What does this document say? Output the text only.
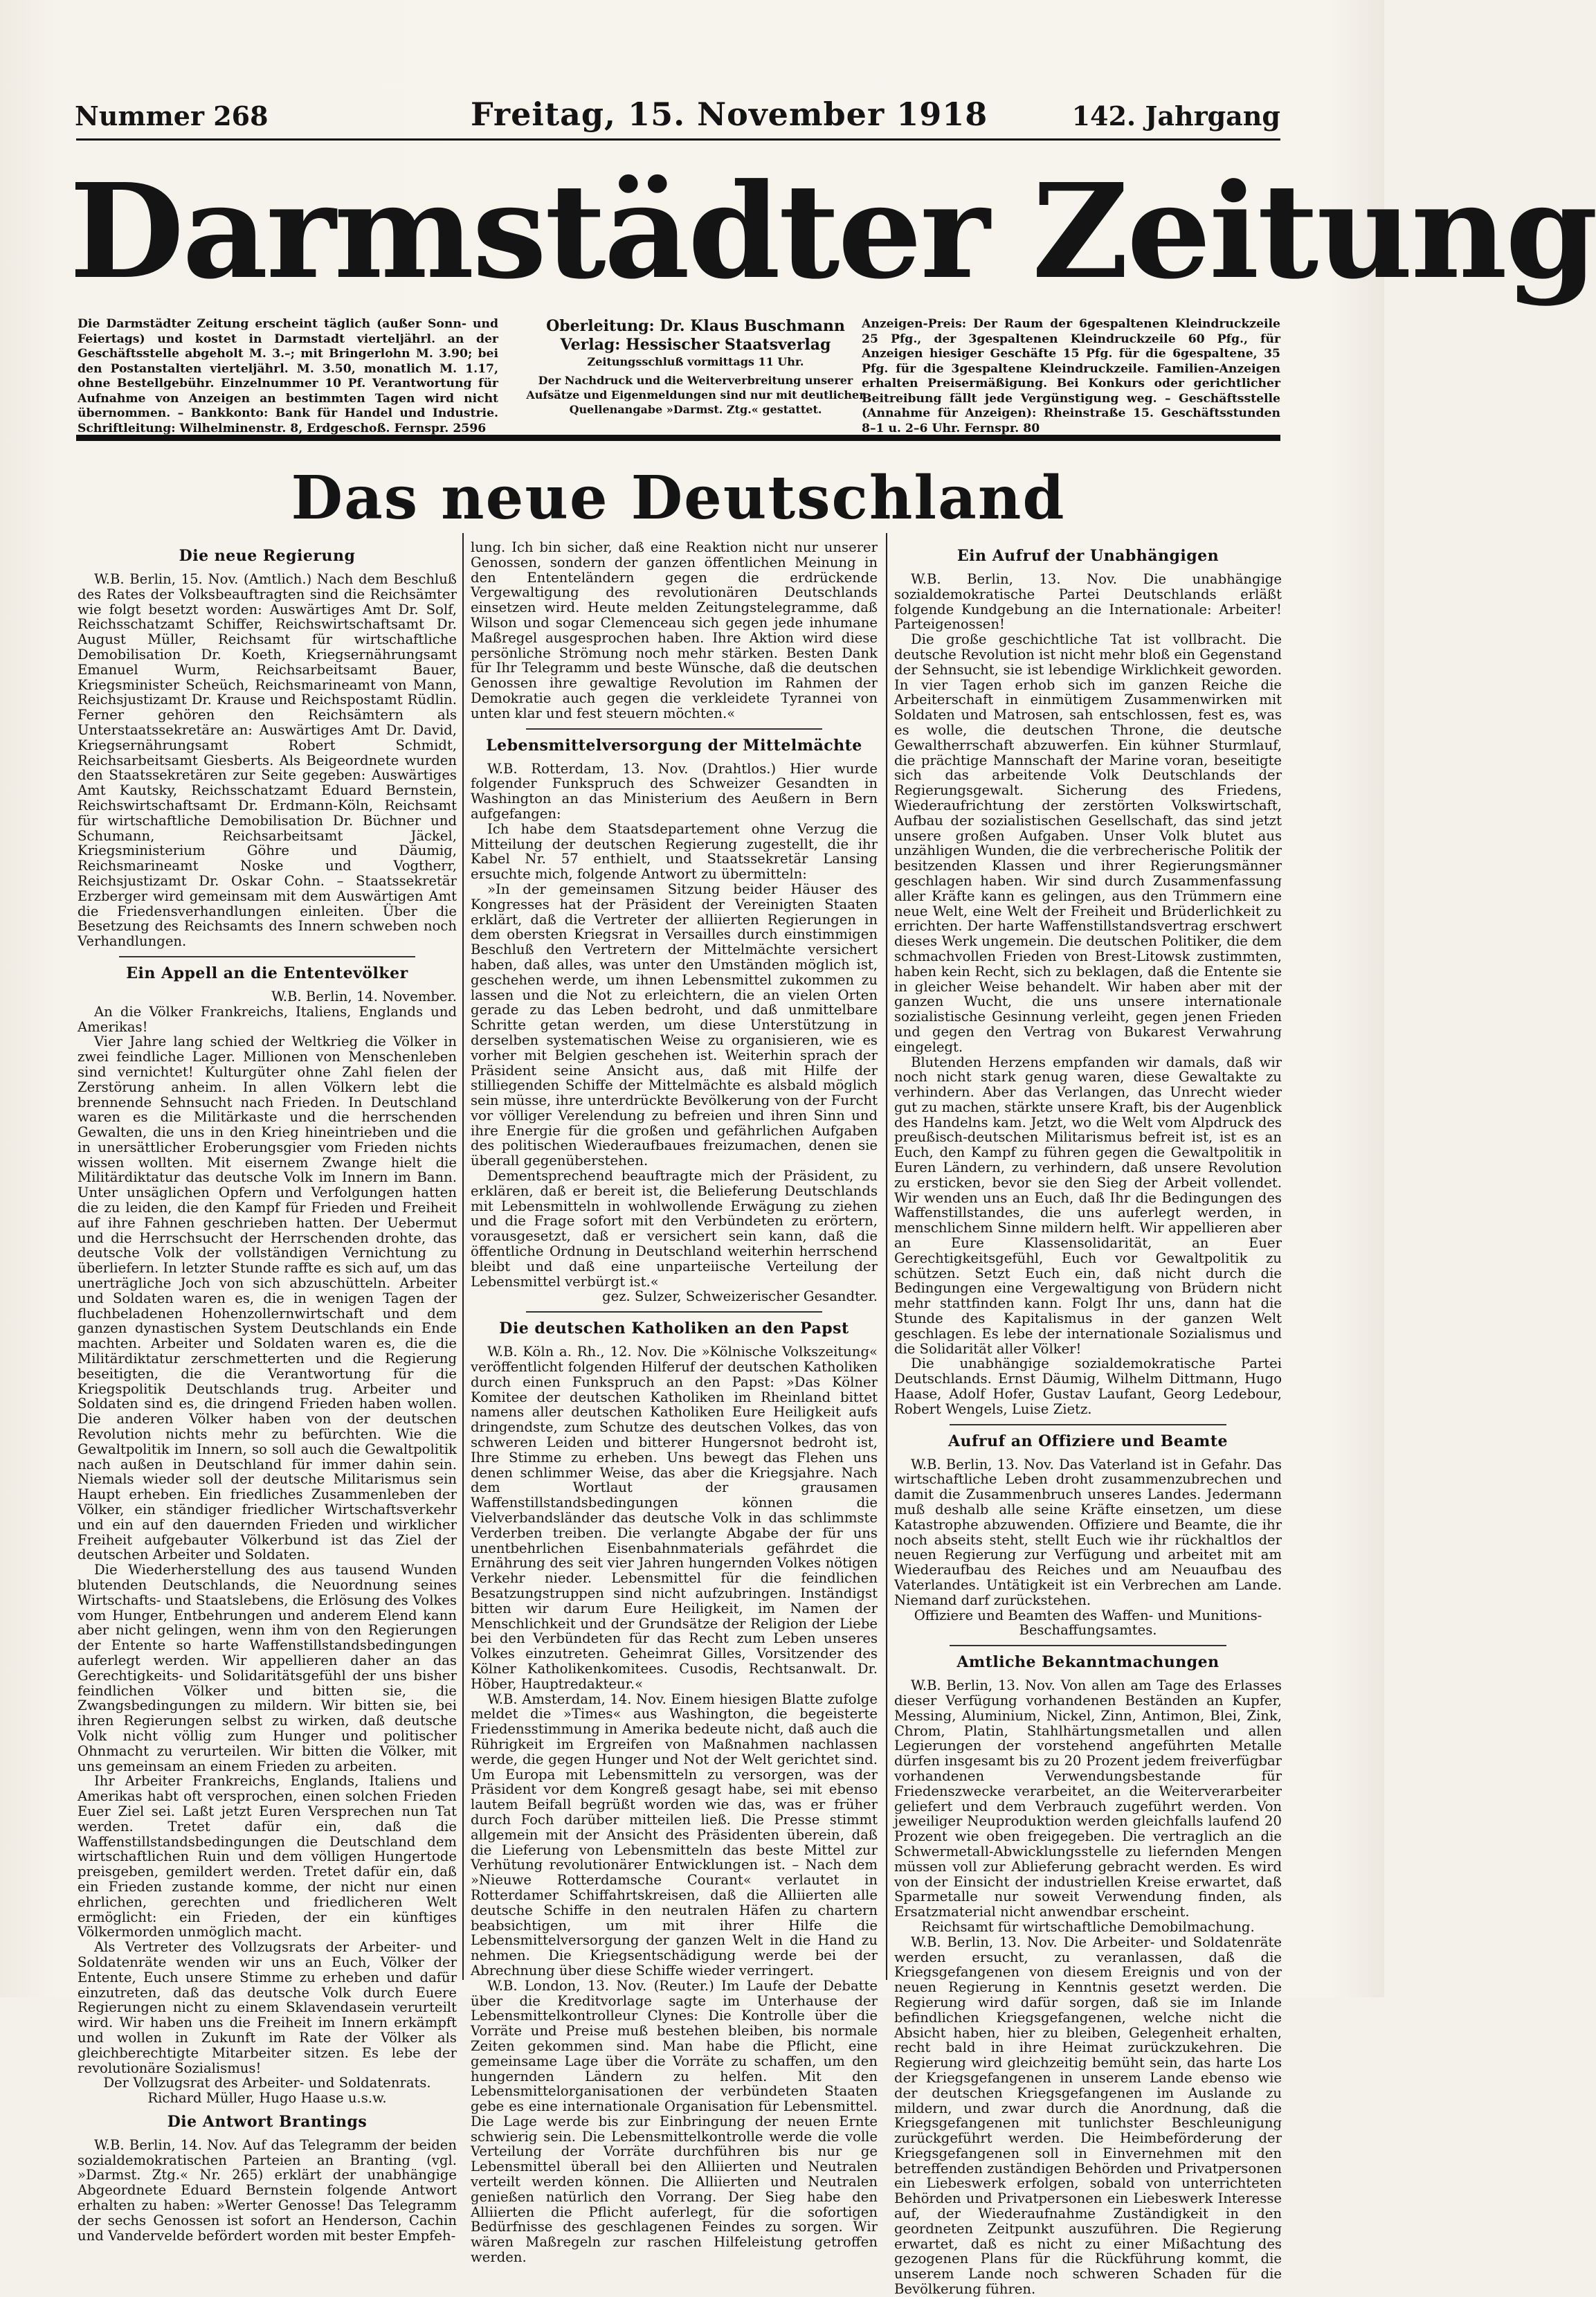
Nummer 268	Freitag, 15. November 1918	142. Jahrgang
Darmstädter Zeitung

Die Darmstädter Zeitung erscheint täglich (außer Sonn- und Feiertags) und kostet in Darmstadt vierteljährl. an der Geschäftsstelle abgeholt M. 3.–; mit Bringerlohn M. 3.90; bei den Postanstalten vierteljährl. M. 3.50, monatlich M. 1.17, ohne Bestellgebühr. Einzelnummer 10 Pf. Verantwortung für Aufnahme von Anzeigen an bestimmten Tagen wird nicht übernommen. – Bankkonto: Bank für Handel und Industrie. Schriftleitung: Wilhelminenstr. 8, Erdgeschoß. Fernspr. 2596

Oberleitung: Dr. Klaus Buschmann

Verlag: Hessischer Staatsverlag

Zeitungsschluß vormittags 11 Uhr.

Der Nachdruck und die Weiterverbreitung unserer Aufsätze und Eigenmeldungen sind nur mit deutlicher Quellenangabe »Darmst. Ztg.« gestattet.

Anzeigen-Preis: Der Raum der 6gespaltenen Kleindruckzeile 25 Pfg., der 3gespaltenen Kleindruckzeile 60 Pfg., für Anzeigen hiesiger Geschäfte 15 Pfg. für die 6gespaltene, 35 Pfg. für die 3gespaltene Kleindruckzeile. Familien-Anzeigen erhalten Preisermäßigung. Bei Konkurs oder gerichtlicher Beitreibung fällt jede Vergünstigung weg. – Geschäftsstelle (Annahme für Anzeigen): Rheinstraße 15. Geschäftsstunden 8–1 u. 2–6 Uhr. Fernspr. 80

Das neue Deutschland
Die neue Regierung

W.B. Berlin, 15. Nov. (Amtlich.) Nach dem Beschluß des Rates der Volksbeauftragten sind die Reichsämter wie folgt besetzt worden: Auswärtiges Amt Dr. Solf, Reichsschatzamt Schiffer, Reichswirtschaftsamt Dr. August Müller, Reichsamt für wirtschaftliche Demobilisation Dr. Koeth, Kriegsernährungsamt Emanuel Wurm, Reichsarbeitsamt Bauer, Kriegsminister Scheüch, Reichsmarineamt von Mann, Reichsjustizamt Dr. Krause und Reichspostamt Rüdlin. Ferner gehören den Reichsämtern als Unterstaatssekretäre an: Auswärtiges Amt Dr. David, Kriegsernährungsamt Robert Schmidt, Reichsarbeitsamt Giesberts. Als Beigeordnete wurden den Staatssekretären zur Seite gegeben: Auswärtiges Amt Kautsky, Reichsschatzamt Eduard Bernstein, Reichswirtschaftsamt Dr. Erdmann-Köln, Reichsamt für wirtschaftliche Demobilisation Dr. Büchner und Schumann, Reichsarbeitsamt Jäckel, Kriegsministerium Göhre und Däumig, Reichsmarineamt Noske und Vogtherr, Reichsjustizamt Dr. Oskar Cohn. – Staatssekretär Erzberger wird gemeinsam mit dem Auswärtigen Amt die Friedensverhandlungen einleiten. Über die Besetzung des Reichsamts des Innern schweben noch Verhandlungen.

Ein Appell an die Ententevölker

W.B. Berlin, 14. November.

An die Völker Frankreichs, Italiens, Englands und Amerikas!

Vier Jahre lang schied der Weltkrieg die Völker in zwei feindliche Lager. Millionen von Menschenleben sind vernichtet! Kulturgüter ohne Zahl fielen der Zerstörung anheim. In allen Völkern lebt die brennende Sehnsucht nach Frieden. In Deutschland waren es die Militärkaste und die herrschenden Gewalten, die uns in den Krieg hineintrieben und die in unersättlicher Eroberungsgier vom Frieden nichts wissen wollten. Mit eisernem Zwange hielt die Militärdiktatur das deutsche Volk im Innern im Bann. Unter unsäglichen Opfern und Verfolgungen hatten die zu leiden, die den Kampf für Frieden und Freiheit auf ihre Fahnen geschrieben hatten. Der Uebermut und die Herrschsucht der Herrschenden drohte, das deutsche Volk der vollständigen Vernichtung zu überliefern. In letzter Stunde raffte es sich auf, um das unerträgliche Joch von sich abzuschütteln. Arbeiter und Soldaten waren es, die in wenigen Tagen der fluchbeladenen Hohenzollernwirtschaft und dem ganzen dynastischen System Deutschlands ein Ende machten. Arbeiter und Soldaten waren es, die die Militärdiktatur zerschmetterten und die Regierung beseitigten, die die Verantwortung für die Kriegspolitik Deutschlands trug. Arbeiter und Soldaten sind es, die dringend Frieden haben wollen. Die anderen Völker haben von der deutschen Revolution nichts mehr zu befürchten. Wie die Gewaltpolitik im Innern, so soll auch die Gewaltpolitik nach außen in Deutschland für immer dahin sein. Niemals wieder soll der deutsche Militarismus sein Haupt erheben. Ein friedliches Zusammenleben der Völker, ein ständiger friedlicher Wirtschaftsverkehr und ein auf den dauernden Frieden und wirklicher Freiheit aufgebauter Völkerbund ist das Ziel der deutschen Arbeiter und Soldaten.

Die Wiederherstellung des aus tausend Wunden blutenden Deutschlands, die Neuordnung seines Wirtschafts- und Staatslebens, die Erlösung des Volkes vom Hunger, Entbehrungen und anderem Elend kann aber nicht gelingen, wenn ihm von den Regierungen der Entente so harte Waffenstillstandsbedingungen auferlegt werden. Wir appellieren daher an das Gerechtigkeits- und Solidaritätsgefühl der uns bisher feindlichen Völker und bitten sie, die Zwangsbedingungen zu mildern. Wir bitten sie, bei ihren Regierungen selbst zu wirken, daß deutsche Volk nicht völlig zum Hunger und politischer Ohnmacht zu verurteilen. Wir bitten die Völker, mit uns gemeinsam an einem Frieden zu arbeiten.

Ihr Arbeiter Frankreichs, Englands, Italiens und Amerikas habt oft versprochen, einen solchen Frieden Euer Ziel sei. Laßt jetzt Euren Versprechen nun Tat werden. Tretet dafür ein, daß die Waffenstillstandsbedingungen die Deutschland dem wirtschaftlichen Ruin und dem völligen Hungertode preisgeben, gemildert werden. Tretet dafür ein, daß ein Frieden zustande komme, der nicht nur einen ehrlichen, gerechten und friedlicheren Welt ermöglicht: ein Frieden, der ein künftiges Völkermorden unmöglich macht.

Als Vertreter des Vollzugsrats der Arbeiter- und Soldatenräte wenden wir uns an Euch, Völker der Entente, Euch unsere Stimme zu erheben und dafür einzutreten, daß das deutsche Volk durch Euere Regierungen nicht zu einem Sklavendasein verurteilt wird. Wir haben uns die Freiheit im Innern erkämpft und wollen in Zukunft im Rate der Völker als gleichberechtigte Mitarbeiter sitzen. Es lebe der revolutionäre Sozialismus!

Der Vollzugsrat des Arbeiter- und Soldatenrats. Richard Müller, Hugo Haase u.s.w.

Die Antwort Brantings

W.B. Berlin, 14. Nov. Auf das Telegramm der beiden sozialdemokratischen Parteien an Branting (vgl. »Darmst. Ztg.« Nr. 265) erklärt der unabhängige Abgeordnete Eduard Bernstein folgende Antwort erhalten zu haben: »Werter Genosse! Das Telegramm der sechs Genossen ist sofort an Henderson, Cachin und Vandervelde befördert worden mit bester Empfeh-

lung. Ich bin sicher, daß eine Reaktion nicht nur unserer Genossen, sondern der ganzen öffentlichen Meinung in den Ententeländern gegen die erdrückende Vergewaltigung des revolutionären Deutschlands einsetzen wird. Heute melden Zeitungstelegramme, daß Wilson und sogar Clemenceau sich gegen jede inhumane Maßregel ausgesprochen haben. Ihre Aktion wird diese persönliche Strömung noch mehr stärken. Besten Dank für Ihr Telegramm und beste Wünsche, daß die deutschen Genossen ihre gewaltige Revolution im Rahmen der Demokratie auch gegen die verkleidete Tyrannei von unten klar und fest steuern möchten.«

Lebensmittelversorgung der Mittelmächte

W.B. Rotterdam, 13. Nov. (Drahtlos.) Hier wurde folgender Funkspruch des Schweizer Gesandten in Washington an das Ministerium des Aeußern in Bern aufgefangen:

Ich habe dem Staatsdepartement ohne Verzug die Mitteilung der deutschen Regierung zugestellt, die ihr Kabel Nr. 57 enthielt, und Staatssekretär Lansing ersuchte mich, folgende Antwort zu übermitteln:

»In der gemeinsamen Sitzung beider Häuser des Kongresses hat der Präsident der Vereinigten Staaten erklärt, daß die Vertreter der alliierten Regierungen in dem obersten Kriegsrat in Versailles durch einstimmigen Beschluß den Vertretern der Mittelmächte versichert haben, daß alles, was unter den Umständen möglich ist, geschehen werde, um ihnen Lebensmittel zukommen zu lassen und die Not zu erleichtern, die an vielen Orten gerade zu das Leben bedroht, und daß unmittelbare Schritte getan werden, um diese Unterstützung in derselben systematischen Weise zu organisieren, wie es vorher mit Belgien geschehen ist. Weiterhin sprach der Präsident seine Ansicht aus, daß mit Hilfe der stilliegenden Schiffe der Mittelmächte es alsbald möglich sein müsse, ihre unterdrückte Bevölkerung von der Furcht vor völliger Verelendung zu befreien und ihren Sinn und ihre Energie für die großen und gefährlichen Aufgaben des politischen Wiederaufbaues freizumachen, denen sie überall gegenüberstehen.

Dementsprechend beauftragte mich der Präsident, zu erklären, daß er bereit ist, die Belieferung Deutschlands mit Lebensmitteln in wohlwollende Erwägung zu ziehen und die Frage sofort mit den Verbündeten zu erörtern, vorausgesetzt, daß er versichert sein kann, daß die öffentliche Ordnung in Deutschland weiterhin herrschend bleibt und daß eine unparteiische Verteilung der Lebensmittel verbürgt ist.«

gez. Sulzer, Schweizerischer Gesandter.

Die deutschen Katholiken an den Papst

W.B. Köln a. Rh., 12. Nov. Die »Kölnische Volkszeitung« veröffentlicht folgenden Hilferuf der deutschen Katholiken durch einen Funkspruch an den Papst: »Das Kölner Komitee der deutschen Katholiken im Rheinland bittet namens aller deutschen Katholiken Eure Heiligkeit aufs dringendste, zum Schutze des deutschen Volkes, das von schweren Leiden und bitterer Hungersnot bedroht ist, Ihre Stimme zu erheben. Uns bewegt das Flehen uns denen schlimmer Weise, das aber die Kriegsjahre. Nach dem Wortlaut der grausamen Waffenstillstandsbedingungen können die Vielverbandsländer das deutsche Volk in das schlimmste Verderben treiben. Die verlangte Abgabe der für uns unentbehrlichen Eisenbahnmaterials gefährdet die Ernährung des seit vier Jahren hungernden Volkes nötigen Verkehr nieder. Lebensmittel für die feindlichen Besatzungstruppen sind nicht aufzubringen. Inständigst bitten wir darum Eure Heiligkeit, im Namen der Menschlichkeit und der Grundsätze der Religion der Liebe bei den Verbündeten für das Recht zum Leben unseres Volkes einzutreten. Geheimrat Gilles, Vorsitzender des Kölner Katholikenkomitees. Cusodis, Rechtsanwalt. Dr. Höber, Hauptredakteur.«

W.B. Amsterdam, 14. Nov. Einem hiesigen Blatte zufolge meldet die »Times« aus Washington, die begeisterte Friedensstimmung in Amerika bedeute nicht, daß auch die Rührigkeit im Ergreifen von Maßnahmen nachlassen werde, die gegen Hunger und Not der Welt gerichtet sind. Um Europa mit Lebensmitteln zu versorgen, was der Präsident vor dem Kongreß gesagt habe, sei mit ebenso lautem Beifall begrüßt worden wie das, was er früher durch Foch darüber mitteilen ließ. Die Presse stimmt allgemein mit der Ansicht des Präsidenten überein, daß die Lieferung von Lebensmitteln das beste Mittel zur Verhütung revolutionärer Entwicklungen ist. – Nach dem »Nieuwe Rotterdamsche Courant« verlautet in Rotterdamer Schiffahrtskreisen, daß die Alliierten alle deutsche Schiffe in den neutralen Häfen zu chartern beabsichtigen, um mit ihrer Hilfe die Lebensmittelversorgung der ganzen Welt in die Hand zu nehmen. Die Kriegsentschädigung werde bei der Abrechnung über diese Schiffe wieder verringert.

W.B. London, 13. Nov. (Reuter.) Im Laufe der Debatte über die Kreditvorlage sagte im Unterhause der Lebensmittelkontrolleur Clynes: Die Kontrolle über die Vorräte und Preise muß bestehen bleiben, bis normale Zeiten gekommen sind. Man habe die Pflicht, eine gemeinsame Lage über die Vorräte zu schaffen, um den hungernden Ländern zu helfen. Mit den Lebensmittelorganisationen der verbündeten Staaten gebe es eine internationale Organisation für Lebensmittel. Die Lage werde bis zur Einbringung der neuen Ernte schwierig sein. Die Lebensmittelkontrolle werde die volle Verteilung der Vorräte durchführen bis nur ge Lebensmittel überall bei den Alliierten und Neutralen verteilt werden können. Die Alliierten und Neutralen genießen natürlich den Vorrang. Der Sieg habe den Alliierten die Pflicht auferlegt, für die sofortigen Bedürfnisse des geschlagenen Feindes zu sorgen. Wir wären Maßregeln zur raschen Hilfeleistung getroffen werden.

Ein Aufruf der Unabhängigen

W.B. Berlin, 13. Nov. Die unabhängige sozialdemokratische Partei Deutschlands erläßt folgende Kundgebung an die Internationale: Arbeiter! Parteigenossen!

Die große geschichtliche Tat ist vollbracht. Die deutsche Revolution ist nicht mehr bloß ein Gegenstand der Sehnsucht, sie ist lebendige Wirklichkeit geworden. In vier Tagen erhob sich im ganzen Reiche die Arbeiterschaft in einmütigem Zusammenwirken mit Soldaten und Matrosen, sah entschlossen, fest es, was es wolle, die deutschen Throne, die deutsche Gewaltherrschaft abzuwerfen. Ein kühner Sturmlauf, die prächtige Mannschaft der Marine voran, beseitigte sich das arbeitende Volk Deutschlands der Regierungsgewalt. Sicherung des Friedens, Wiederaufrichtung der zerstörten Volkswirtschaft, Aufbau der sozialistischen Gesellschaft, das sind jetzt unsere großen Aufgaben. Unser Volk blutet aus unzähligen Wunden, die die verbrecherische Politik der besitzenden Klassen und ihrer Regierungsmänner geschlagen haben. Wir sind durch Zusammenfassung aller Kräfte kann es gelingen, aus den Trümmern eine neue Welt, eine Welt der Freiheit und Brüderlichkeit zu errichten. Der harte Waffenstillstandsvertrag erschwert dieses Werk ungemein. Die deutschen Politiker, die dem schmachvollen Frieden von Brest-Litowsk zustimmten, haben kein Recht, sich zu beklagen, daß die Entente sie in gleicher Weise behandelt. Wir haben aber mit der ganzen Wucht, die uns unsere internationale sozialistische Gesinnung verleiht, gegen jenen Frieden und gegen den Vertrag von Bukarest Verwahrung eingelegt.

Blutenden Herzens empfanden wir damals, daß wir noch nicht stark genug waren, diese Gewaltakte zu verhindern. Aber das Verlangen, das Unrecht wieder gut zu machen, stärkte unsere Kraft, bis der Augenblick des Handelns kam. Jetzt, wo die Welt vom Alpdruck des preußisch-deutschen Militarismus befreit ist, ist es an Euch, den Kampf zu führen gegen die Gewaltpolitik in Euren Ländern, zu verhindern, daß unsere Revolution zu ersticken, bevor sie den Sieg der Arbeit vollendet. Wir wenden uns an Euch, daß Ihr die Bedingungen des Waffenstillstandes, die uns auferlegt werden, in menschlichem Sinne mildern helft. Wir appellieren aber an Eure Klassensolidarität, an Euer Gerechtigkeitsgefühl, Euch vor Gewaltpolitik zu schützen. Setzt Euch ein, daß nicht durch die Bedingungen eine Vergewaltigung von Brüdern nicht mehr stattfinden kann. Folgt Ihr uns, dann hat die Stunde des Kapitalismus in der ganzen Welt geschlagen. Es lebe der internationale Sozialismus und die Solidarität aller Völker!

Die unabhängige sozialdemokratische Partei Deutschlands. Ernst Däumig, Wilhelm Dittmann, Hugo Haase, Adolf Hofer, Gustav Laufant, Georg Ledebour, Robert Wengels, Luise Zietz.

Aufruf an Offiziere und Beamte

W.B. Berlin, 13. Nov. Das Vaterland ist in Gefahr. Das wirtschaftliche Leben droht zusammenzubrechen und damit die Zusammenbruch unseres Landes. Jedermann muß deshalb alle seine Kräfte einsetzen, um diese Katastrophe abzuwenden. Offiziere und Beamte, die ihr noch abseits steht, stellt Euch wie ihr rückhaltlos der neuen Regierung zur Verfügung und arbeitet mit am Wiederaufbau des Reiches und am Neuaufbau des Vaterlandes. Untätigkeit ist ein Verbrechen am Lande. Niemand darf zurückstehen.

Offiziere und Beamten des Waffen- und Munitions-Beschaffungsamtes.

Amtliche Bekanntmachungen

W.B. Berlin, 13. Nov. Von allen am Tage des Erlasses dieser Verfügung vorhandenen Beständen an Kupfer, Messing, Aluminium, Nickel, Zinn, Antimon, Blei, Zink, Chrom, Platin, Stahlhärtungsmetallen und allen Legierungen der vorstehend angeführten Metalle dürfen insgesamt bis zu 20 Prozent jedem freiverfügbar vorhandenen Verwendungsbestande für Friedenszwecke verarbeitet, an die Weiterverarbeiter geliefert und dem Verbrauch zugeführt werden. Von jeweiliger Neuproduktion werden gleichfalls laufend 20 Prozent wie oben freigegeben. Die vertraglich an die Schwermetall-Abwicklungsstelle zu liefernden Mengen müssen voll zur Ablieferung gebracht werden. Es wird von der Einsicht der industriellen Kreise erwartet, daß Sparmetalle nur soweit Verwendung finden, als Ersatzmaterial nicht anwendbar erscheint.

Reichsamt für wirtschaftliche Demobilmachung.

W.B. Berlin, 13. Nov. Die Arbeiter- und Soldatenräte werden ersucht, zu veranlassen, daß die Kriegsgefangenen von diesem Ereignis und von der neuen Regierung in Kenntnis gesetzt werden. Die Regierung wird dafür sorgen, daß sie im Inlande befindlichen Kriegsgefangenen, welche nicht die Absicht haben, hier zu bleiben, Gelegenheit erhalten, recht bald in ihre Heimat zurückzukehren. Die Regierung wird gleichzeitig bemüht sein, das harte Los der Kriegsgefangenen in unserem Lande ebenso wie der deutschen Kriegsgefangenen im Auslande zu mildern, und zwar durch die Anordnung, daß die Kriegsgefangenen mit tunlichster Beschleunigung zurückgeführt werden. Die Heimbeförderung der Kriegsgefangenen soll in Einvernehmen mit den betreffenden zuständigen Behörden und Privatpersonen ein Liebeswerk erfolgen, sobald von unterrichteten Behörden und Privatpersonen ein Liebeswerk Interesse auf, der Wiederaufnahme Zuständigkeit in den geordneten Zeitpunkt auszuführen. Die Regierung erwartet, daß es nicht zu einer Mißachtung des gezogenen Plans für die Rückführung kommt, die unserem Lande noch schweren Schaden für die Bevölkerung führen.
